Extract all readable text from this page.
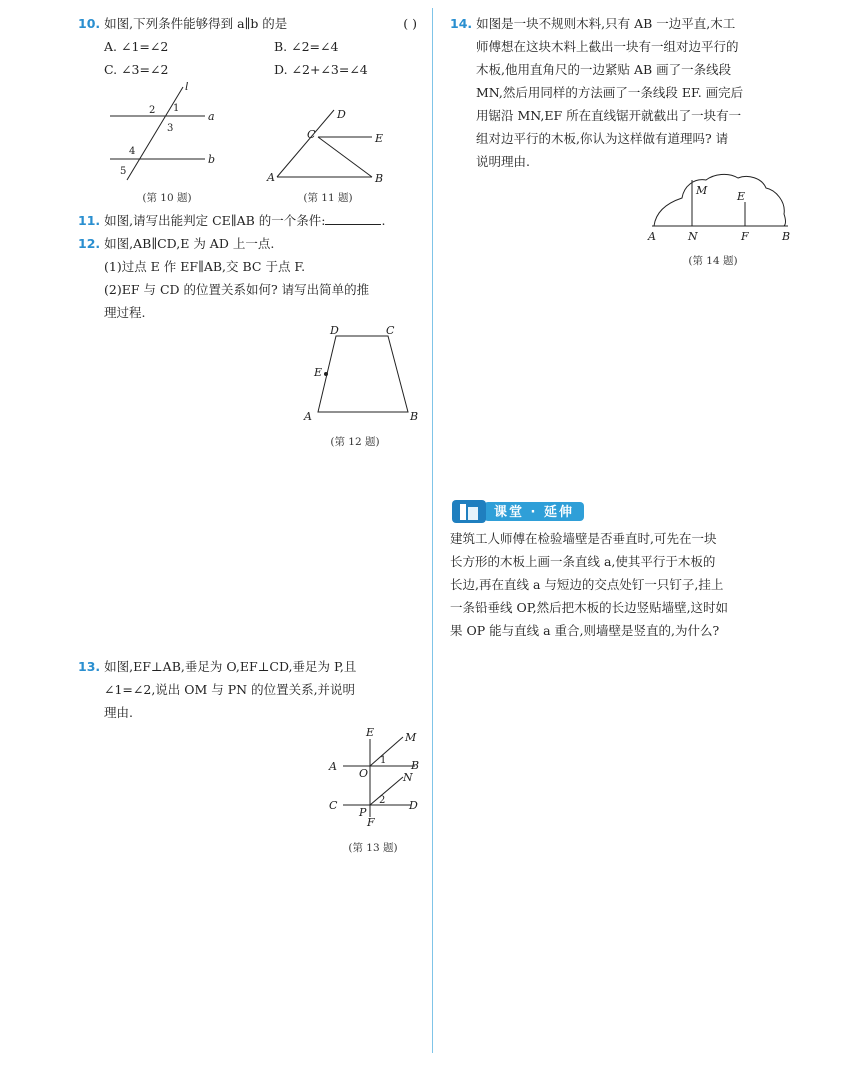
10. 如图,下列条件能够得到 a∥b 的是	( )
A. ∠1=∠2	B. ∠2=∠4
C. ∠3=∠2	D. ∠2+∠3=∠4
l
a
b
2 1
3
4
5
(第 10 题)
A	B
C
D
E
(第 11 题)
11. 如图,请写出能判定 CE∥AB 的一个条件:	.
12. 如图,AB∥CD,E 为 AD 上一点.
(1)过点 E 作 EF∥AB,交 BC 于点 F.
(2)EF 与 CD 的位置关系如何? 请写出简单的推
理过程.
A	B
C
D
E
(第 12 题)
13. 如图,EF⊥AB,垂足为 O,EF⊥CD,垂足为 P,且
∠1=∠2,说出 OM 与 PN 的位置关系,并说明
理由.
A	B
C	D
E
F
M
N
O
P
1
2
(第 13 题)
14. 如图是一块不规则木料,只有 AB 一边平直,木工
师傅想在这块木料上截出一块有一组对边平行的
木板,他用直角尺的一边紧贴 AB 画了一条线段
MN,然后用同样的方法画了一条线段 EF. 画完后
用锯沿 MN,EF 所在直线锯开就截出了一块有一
组对边平行的木板,你认为这样做有道理吗? 请
说明理由.
A	B
M
N
E
F
(第 14 题)
课堂 · 延伸
建筑工人师傅在检验墙壁是否垂直时,可先在一块
长方形的木板上画一条直线 a,使其平行于木板的
长边,再在直线 a 与短边的交点处钉一只钉子,挂上
一条铅垂线 OP,然后把木板的长边竖贴墙壁,这时如
果 OP 能与直线 a 重合,则墙壁是竖直的,为什么?
